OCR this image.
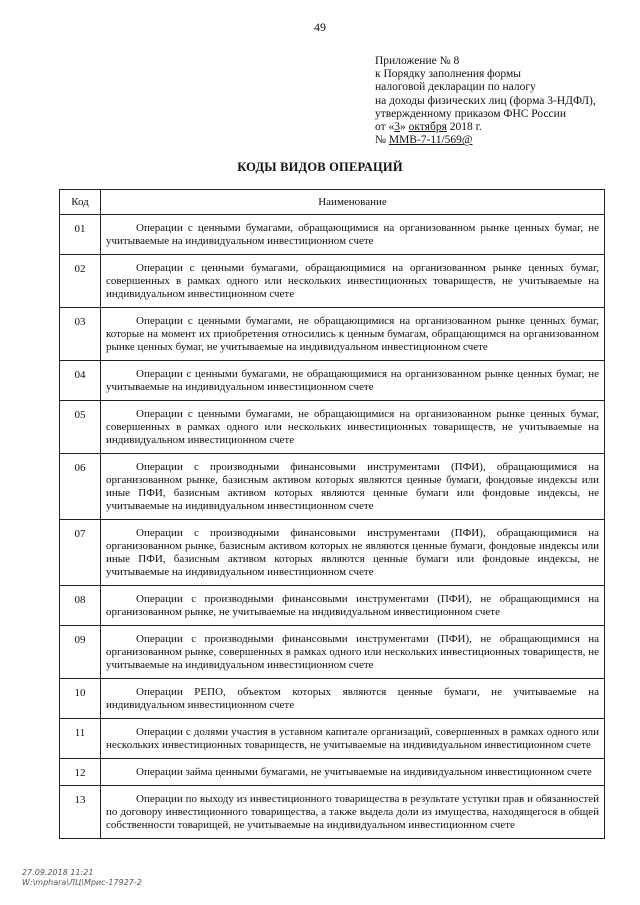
49
Приложение № 8
к Порядку заполнения формы
налоговой декларации по налогу
на доходы физических лиц (форма 3-НДФЛ),
утвержденному приказом ФНС России
от «3» октября 2018 г.
№ ММВ-7-11/569@
КОДЫ ВИДОВ ОПЕРАЦИЙ
Код	Наименование
01	Операции с ценными бумагами, обращающимися на организованном рынке ценных бумаг, не учитываемые на индивидуальном инвестиционном счете
02	Операции с ценными бумагами, обращающимися на организованном рынке ценных бумаг, совершенных в рамках одного или нескольких инвестиционных товариществ, не учитываемые на индивидуальном инвестиционном счете
03	Операции с ценными бумагами, не обращающимися на организованном рынке ценных бумаг, которые на момент их приобретения относились к ценным бумагам, обращающимся на организованном рынке ценных бумаг, не учитываемые на индивидуальном инвестиционном счете
04	Операции с ценными бумагами, не обращающимися на организованном рынке ценных бумаг, не учитываемые на индивидуальном инвестиционном счете
05	Операции с ценными бумагами, не обращающимися на организованном рынке ценных бумаг, совершенных в рамках одного или нескольких инвестиционных товариществ, не учитываемые на индивидуальном инвестиционном счете
06	Операции с производными финансовыми инструментами (ПФИ), обращающимися на организованном рынке, базисным активом которых являются ценные бумаги, фондовые индексы или иные ПФИ, базисным активом которых являются ценные бумаги или фондовые индексы, не учитываемые на индивидуальном инвестиционном счете
07	Операции с производными финансовыми инструментами (ПФИ), обращающимися на организованном рынке, базисным активом которых не являются ценные бумаги, фондовые индексы или иные ПФИ, базисным активом которых являются ценные бумаги или фондовые индексы, не учитываемые на индивидуальном инвестиционном счете
08	Операции с производными финансовыми инструментами (ПФИ), не обращающимися на организованном рынке, не учитываемые на индивидуальном инвестиционном счете
09	Операции с производными финансовыми инструментами (ПФИ), не обращающимися на организованном рынке, совершенных в рамках одного или нескольких инвестиционных товариществ, не учитываемые на индивидуальном инвестиционном счете
10	Операции РЕПО, объектом которых являются ценные бумаги, не учитываемые на индивидуальном инвестиционном счете
11	Операции с долями участия в уставном капитале организаций, совершенных в рамках одного или нескольких инвестиционных товариществ, не учитываемые на индивидуальном инвестиционном счете
12	Операции займа ценными бумагами, не учитываемые на индивидуальном инвестиционном счете
13	Операции по выходу из инвестиционного товарищества в результате уступки прав и обязанностей по договору инвестиционного товарищества, а также выдела доли из имущества, находящегося в общей собственности товарищей, не учитываемые на индивидуальном инвестиционном счете
27.09.2018 11:21
W:\mphara\ЛЦ\Мрис-17927-2
